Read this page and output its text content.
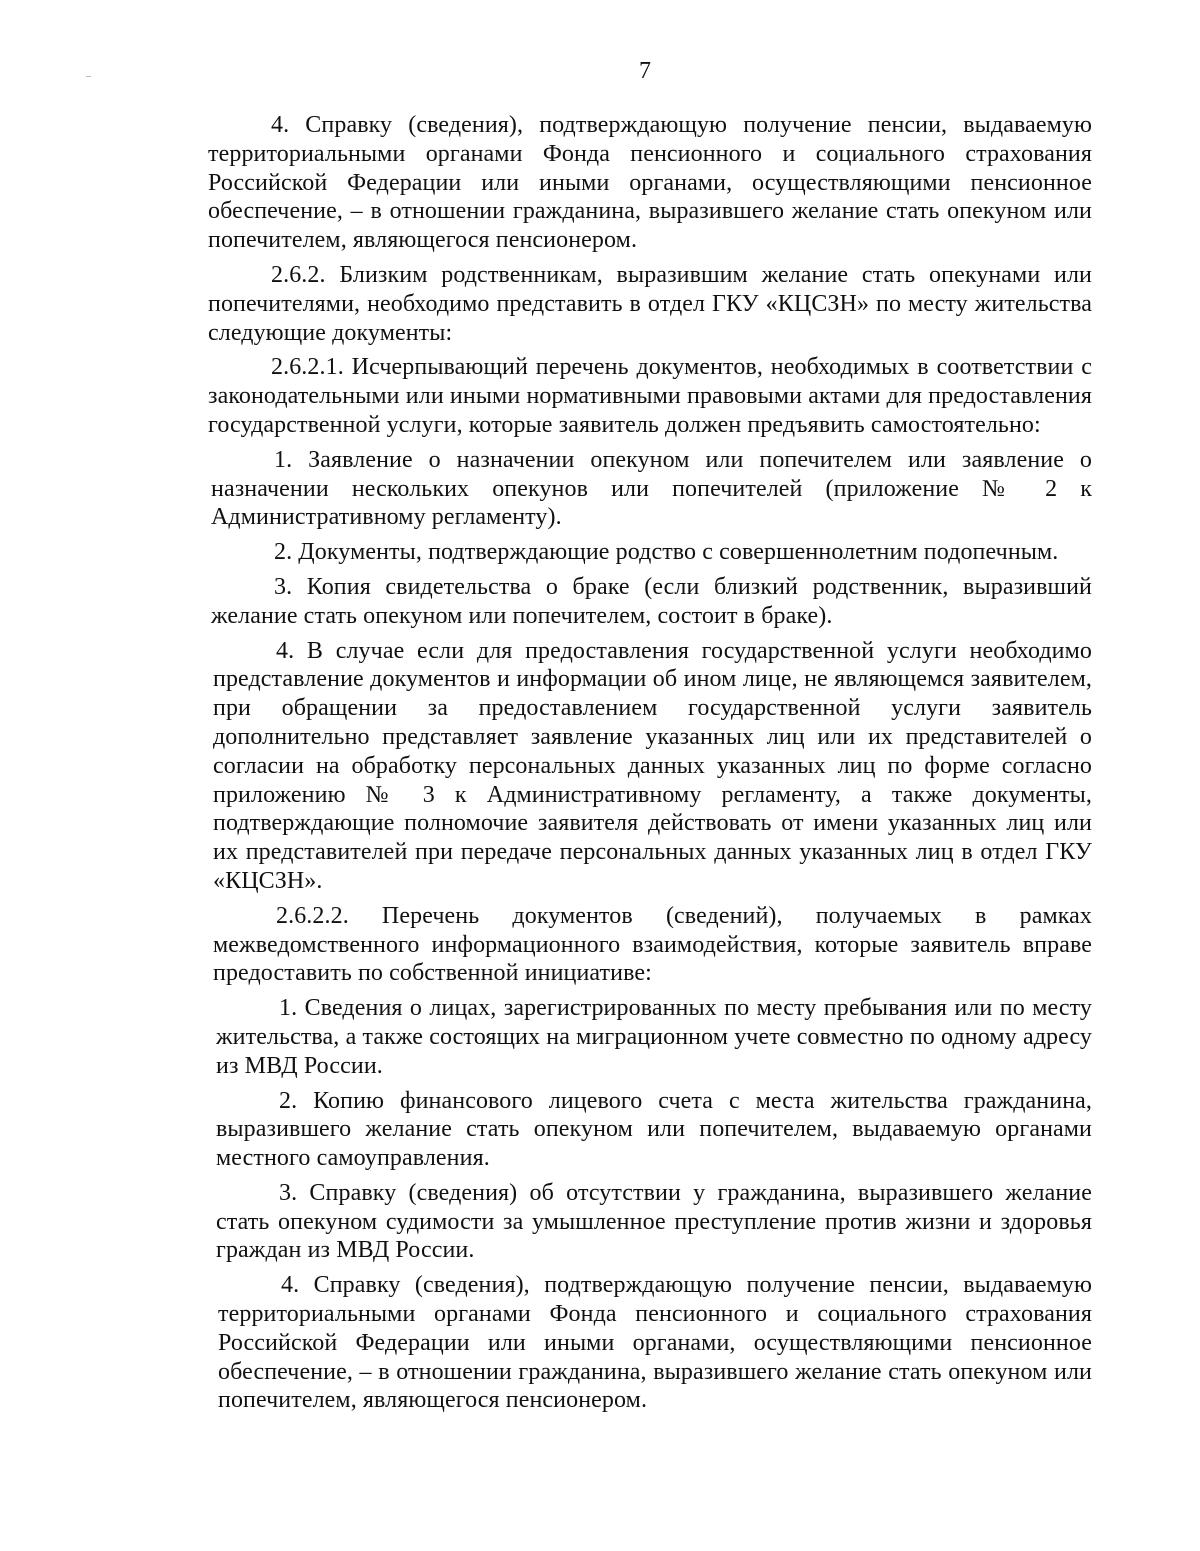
7

4. Справку (сведения), подтверждающую получение пенсии, выдаваемую территориальными органами Фонда пенсионного и социального страхования Российской Федерации или иными органами, осуществляющими пенсионное обеспечение, – в отношении гражданина, выразившего желание стать опекуном или попечителем, являющегося пенсионером.

2.6.2. Близким родственникам, выразившим желание стать опекунами или попечителями, необходимо представить в отдел ГКУ «КЦСЗН» по месту жительства следующие документы:

2.6.2.1. Исчерпывающий перечень документов, необходимых в соответствии с законодательными или иными нормативными правовыми актами для предоставления государственной услуги, которые заявитель должен предъявить самостоятельно:

1. Заявление о назначении опекуном или попечителем или заявление о назначении нескольких опекунов или попечителей (приложение № 2 к Административному регламенту).

2. Документы, подтверждающие родство с совершеннолетним подопечным.

3. Копия свидетельства о браке (если близкий родственник, выразивший желание стать опекуном или попечителем, состоит в браке).

4. В случае если для предоставления государственной услуги необходимо представление документов и информации об ином лице, не являющемся заявителем, при обращении за предоставлением государственной услуги заявитель дополнительно представляет заявление указанных лиц или их представителей о согласии на обработку персональных данных указанных лиц по форме согласно приложению № 3 к Административному регламенту, а также документы, подтверждающие полномочие заявителя действовать от имени указанных лиц или их представителей при передаче персональных данных указанных лиц в отдел ГКУ «КЦСЗН».

2.6.2.2. Перечень документов (сведений), получаемых в рамках межведомственного информационного взаимодействия, которые заявитель вправе предоставить по собственной инициативе:

1. Сведения о лицах, зарегистрированных по месту пребывания или по месту жительства, а также состоящих на миграционном учете совместно по одному адресу из МВД России.

2. Копию финансового лицевого счета с места жительства гражданина, выразившего желание стать опекуном или попечителем, выдаваемую органами местного самоуправления.

3. Справку (сведения) об отсутствии у гражданина, выразившего желание стать опекуном судимости за умышленное преступление против жизни и здоровья граждан из МВД России.

4. Справку (сведения), подтверждающую получение пенсии, выдаваемую территориальными органами Фонда пенсионного и социального страхования Российской Федерации или иными органами, осуществляющими пенсионное обеспечение, – в отношении гражданина, выразившего желание стать опекуном или попечителем, являющегося пенсионером.
